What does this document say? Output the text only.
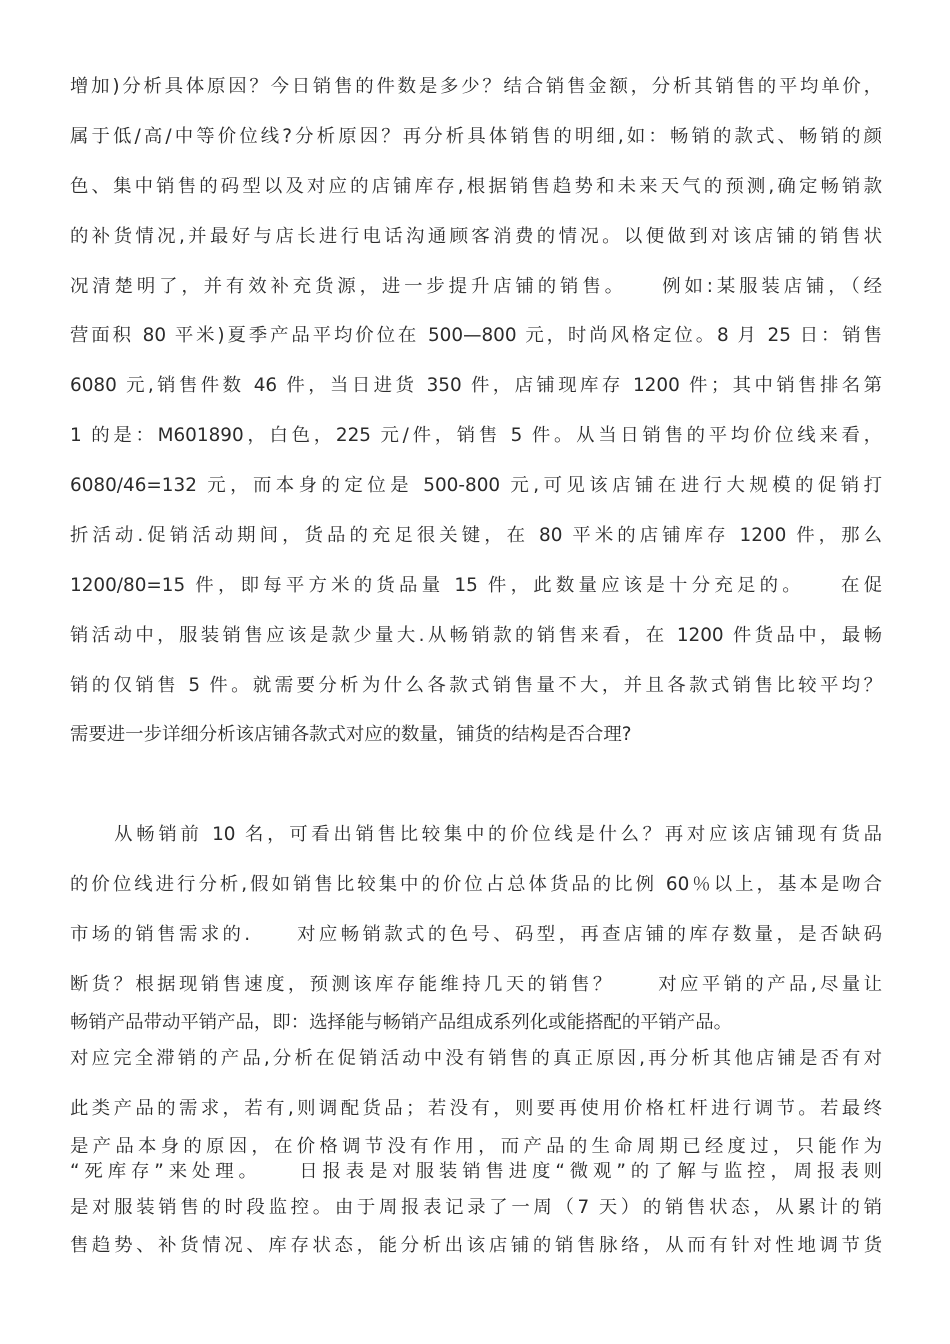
增加)分析具体原因？今日销售的件数是多少？结合销售金额，分析其销售的平均单价，
属于低/高/中等价位线?分析原因？再分析具体销售的明细,如：畅销的款式、畅销的颜
色、集中销售的码型以及对应的店铺库存,根据销售趋势和未来天气的预测,确定畅销款
的补货情况,并最好与店长进行电话沟通顾客消费的情况。以便做到对该店铺的销售状
况清楚明了，并有效补充货源，进一步提升店铺的销售。　　例如:某服装店铺，（经
营面积 80 平米)夏季产品平均价位在 500—800 元，时尚风格定位。8 月 25 日：销售
6080 元,销售件数 46 件，当日进货 350 件，店铺现库存 1200 件；其中销售排名第
1 的是：M601890，白色，225 元/件，销售 5 件。从当日销售的平均价位线来看，
6080/46=132 元，而本身的定位是 500-800 元,可见该店铺在进行大规模的促销打
折活动.促销活动期间，货品的充足很关键，在 80 平米的店铺库存 1200 件，那么
1200/80=15 件，即每平方米的货品量 15 件，此数量应该是十分充足的。　　在促
销活动中，服装销售应该是款少量大.从畅销款的销售来看，在 1200 件货品中，最畅
销的仅销售 5 件。就需要分析为什么各款式销售量不大，并且各款式销售比较平均？
需要进一步详细分析该店铺各款式对应的数量，铺货的结构是否合理?
　　从畅销前 10 名，可看出销售比较集中的价位线是什么？再对应该店铺现有货品
的价位线进行分析,假如销售比较集中的价位占总体货品的比例 60％以上，基本是吻合
市场的销售需求的.　　对应畅销款式的色号、码型，再查店铺的库存数量，是否缺码
断货？根据现销售速度，预测该库存能维持几天的销售？　　对应平销的产品,尽量让
畅销产品带动平销产品，即：选择能与畅销产品组成系列化或能搭配的平销产品。
对应完全滞销的产品,分析在促销活动中没有销售的真正原因,再分析其他店铺是否有对
此类产品的需求，若有,则调配货品；若没有，则要再使用价格杠杆进行调节。若最终
是产品本身的原因，在价格调节没有作用，而产品的生命周期已经度过，只能作为
“死库存”来处理。　　日报表是对服装销售进度“微观”的了解与监控，周报表则
是对服装销售的时段监控。由于周报表记录了一周（7 天）的销售状态，从累计的销
售趋势、补货情况、库存状态，能分析出该店铺的销售脉络，从而有针对性地调节货
